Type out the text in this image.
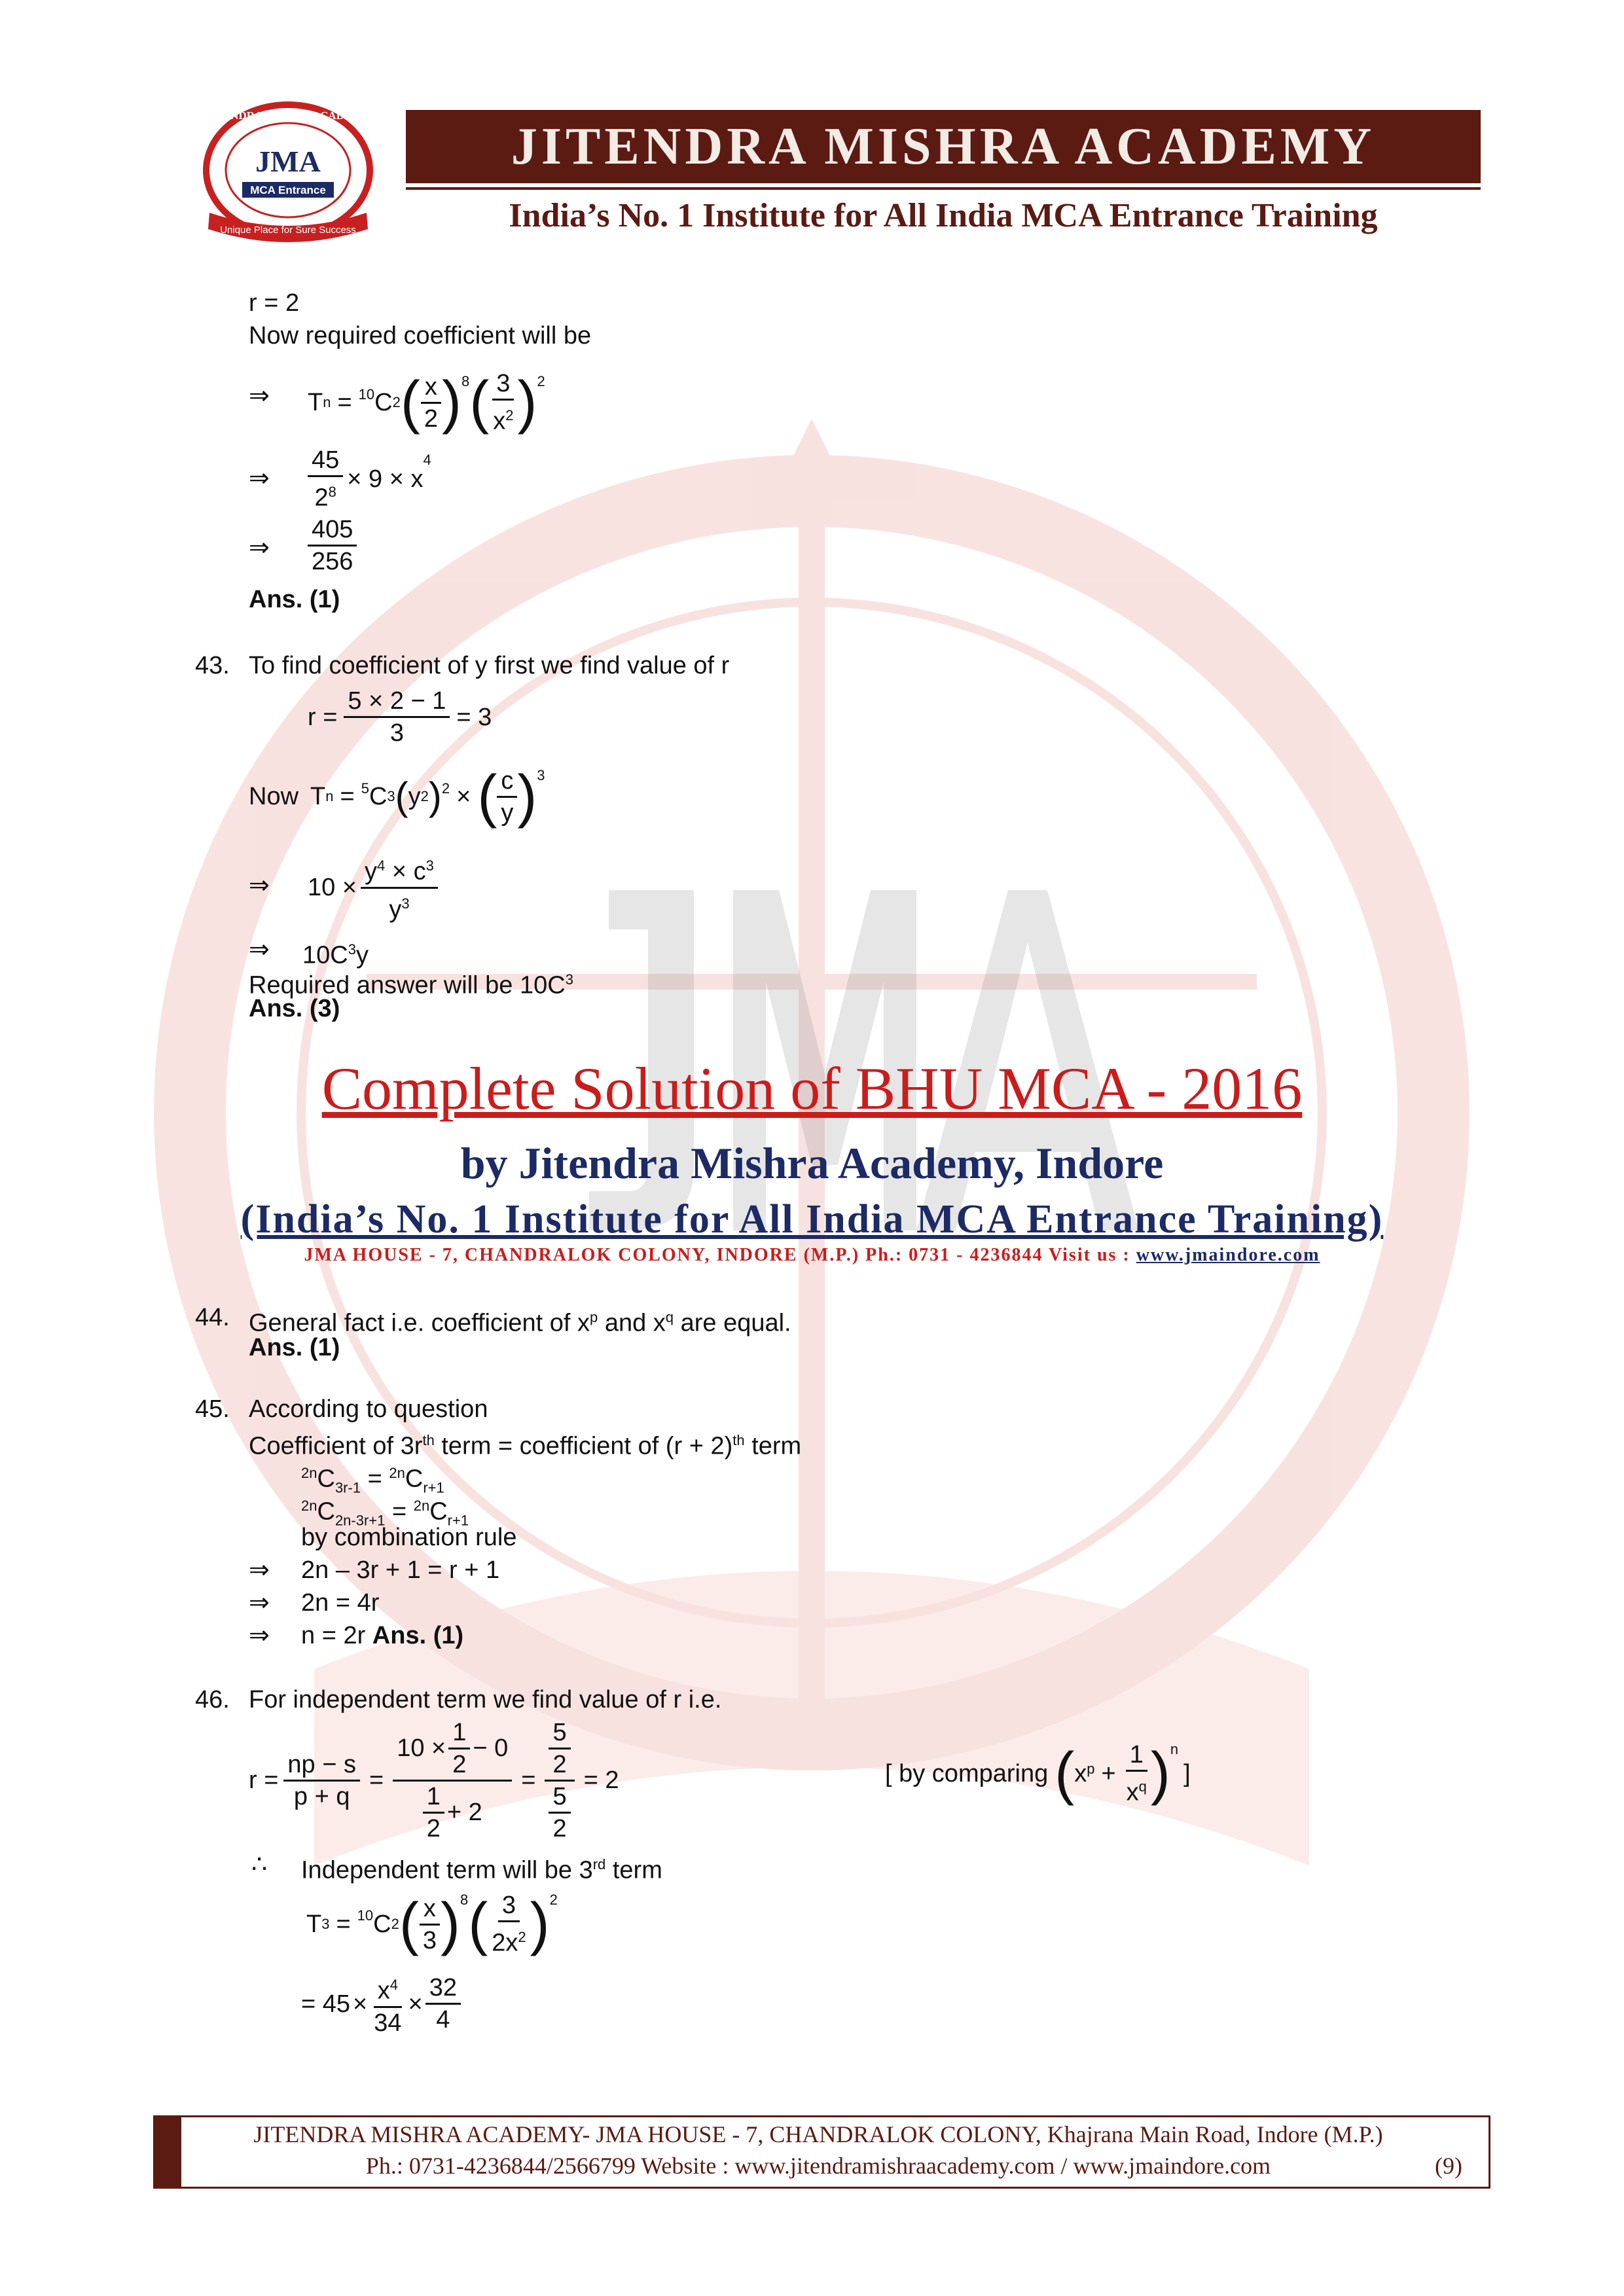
JMA
MCA Entrance
Unique Place for Sure Success
JITENDRA MISHRA ACADEMY
JITENDRA MISHRA ACADEMY
India’s No. 1 Institute for All India MCA Entrance Training
r = 2
Now required coefficient will be
⇒ T n = $^{10}$ C 2 ( $\frac{x}{2} )^8$ ( $\frac{3}{x^2} )^2$
⇒ $\frac{45}{2^8} \times 9 \times x$
$^4$
⇒ $\frac{405}{256}$
Ans. (1)
43. To find coefficient of y first we find value of r
$r = \frac{5 \times 2 - 1}{3} = 3$
Now T n = $^5$ C 3 ( y 2 )$^2$ × ( $\frac{c}{y} )^3$
⇒ $10 \times \frac{y^4 \times c^3}{y^3}$
⇒ $10C^3y$
Required answer will be $10C^3$
Ans. (3)
Complete Solution of BHU MCA - 2016
by Jitendra Mishra Academy, Indore
(India’s No. 1 Institute for All India MCA Entrance Training)
JMA HOUSE - 7, CHANDRALOK COLONY, INDORE (M.P.) Ph.: 0731 - 4236844 Visit us : www.jmaindore.com
44. General fact i.e. coefficient of $x^p$ and $x^q$ are equal.
Ans. (1)
45. According to question
Coefficient of $3r^{th}$ term = coefficient of $(r + 2)^{th}$ term
$^{2n}C_{3r-1} = ^{2n}C_{r+1}$
$^{2n}C_{2n-3r+1} = ^{2n}C_{r+1}$
by combination rule
⇒ 2n – 3r + 1 = r + 1
⇒ 2n = 4r
⇒ n = 2r Ans. (1)
46. For independent term we find value of r i.e.
$r = \frac{np - s}{p + q} = \frac{10 \times \frac{1}{2} - 0}{\frac{1}{2} + 2} = \frac{\frac{5}{2}}{\frac{5}{2}} = 2$	[ by comparing ( x $p + \frac{1}{x^q} )^n$
]
∴ Independent term will be 3rd term
T 3 = $^{10}$ C 2 ( $\frac{x}{3} )^8$ ( $\frac{3}{2x^2} )^2$
= $45 \times \frac{x^4}{34} \times \frac{32}{4}$
JITENDRA MISHRA ACADEMY- JMA HOUSE - 7, CHANDRALOK COLONY, Khajrana Main Road, Indore (M.P.)
Ph.: 0731-4236844/2566799 Website : www.jitendramishraacademy.com / www.jmaindore.com	(9)
